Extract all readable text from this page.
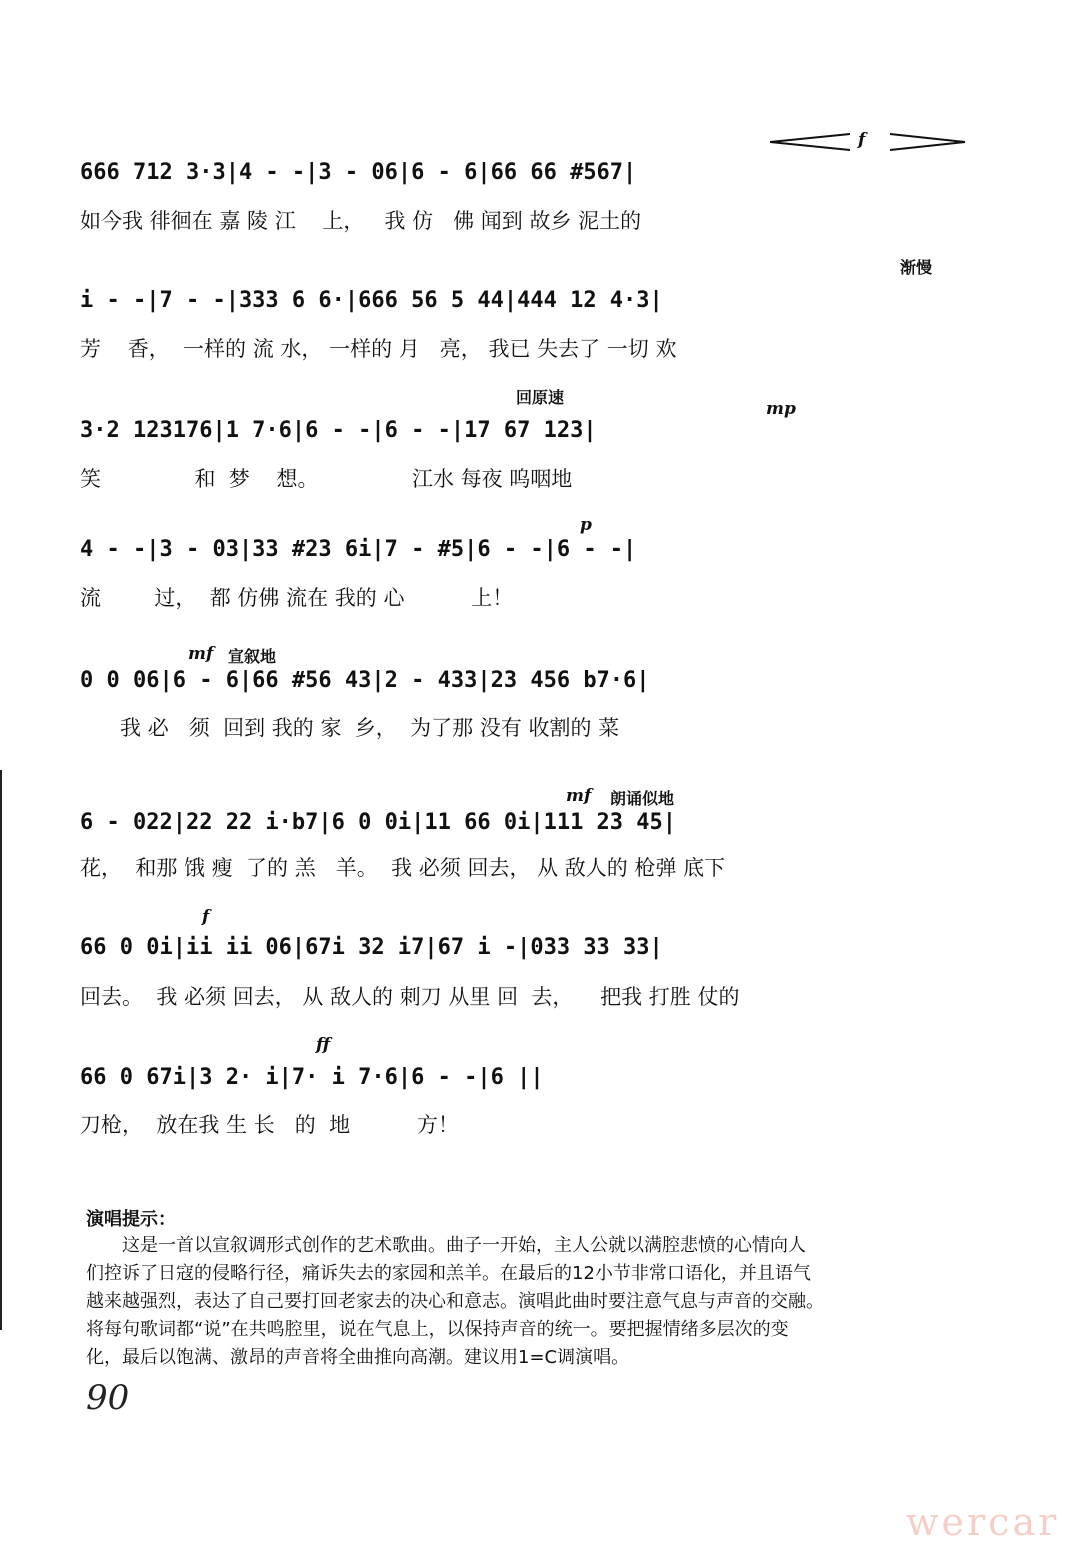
f
666 712 3·3|4 - -|3 - 06|6 - 6|66 66 #567|
如今我 徘徊在 嘉 陵 江    上，   我 仿   佛 闻到 故乡 泥土的
渐慢
i - -|7 - -|333 6 6·|666 56 5 44|444 12 4·3|
芳    香，  一样的 流 水， 一样的 月   亮， 我已 失去了 一切 欢
回原速
mp
3·2 123176|1 7·6|6 - -|6 - -|17 67 123|
笑              和  梦    想。              江水 每夜 呜咽地
p
4 - -|3 - 03|33 #23 6i|7 - #5|6 - -|6 - -|
流        过，  都 仿佛 流在 我的 心          上！
mf 宣叙地
0 0 06|6 - 6|66 #56 43|2 - 433|23 456 b7·6|
我 必   须  回到 我的 家  乡，  为了那 没有 收割的 菜
mf 朗诵似地
6 - 022|22 22 i·b7|6 0 0i|11 66 0i|111 23 45|
花，  和那 饿 瘦  了的 羔   羊。  我 必须 回去， 从 敌人的 枪弹 底下
f
66 0 0i|ii ii 06|67i 32 i7|67 i -|033 33 33|
回去。  我 必须 回去， 从 敌人的 刺刀 从里 回  去，    把我 打胜 仗的
ff
66 0 67i|3 2· i|7· i 7·6|6 - -|6 ||
刀枪，  放在我 生 长   的  地          方！
演唱提示：

　　这是一首以宣叙调形式创作的艺术歌曲。曲子一开始，主人公就以满腔悲愤的心情向人

们控诉了日寇的侵略行径，痛诉失去的家园和羔羊。在最后的12小节非常口语化，并且语气

越来越强烈，表达了自己要打回老家去的决心和意志。演唱此曲时要注意气息与声音的交融。

将每句歌词都“说”在共鸣腔里，说在气息上，以保持声音的统一。要把握情绪多层次的变

化，最后以饱满、激昂的声音将全曲推向高潮。建议用1=C调演唱。

90
wercar
